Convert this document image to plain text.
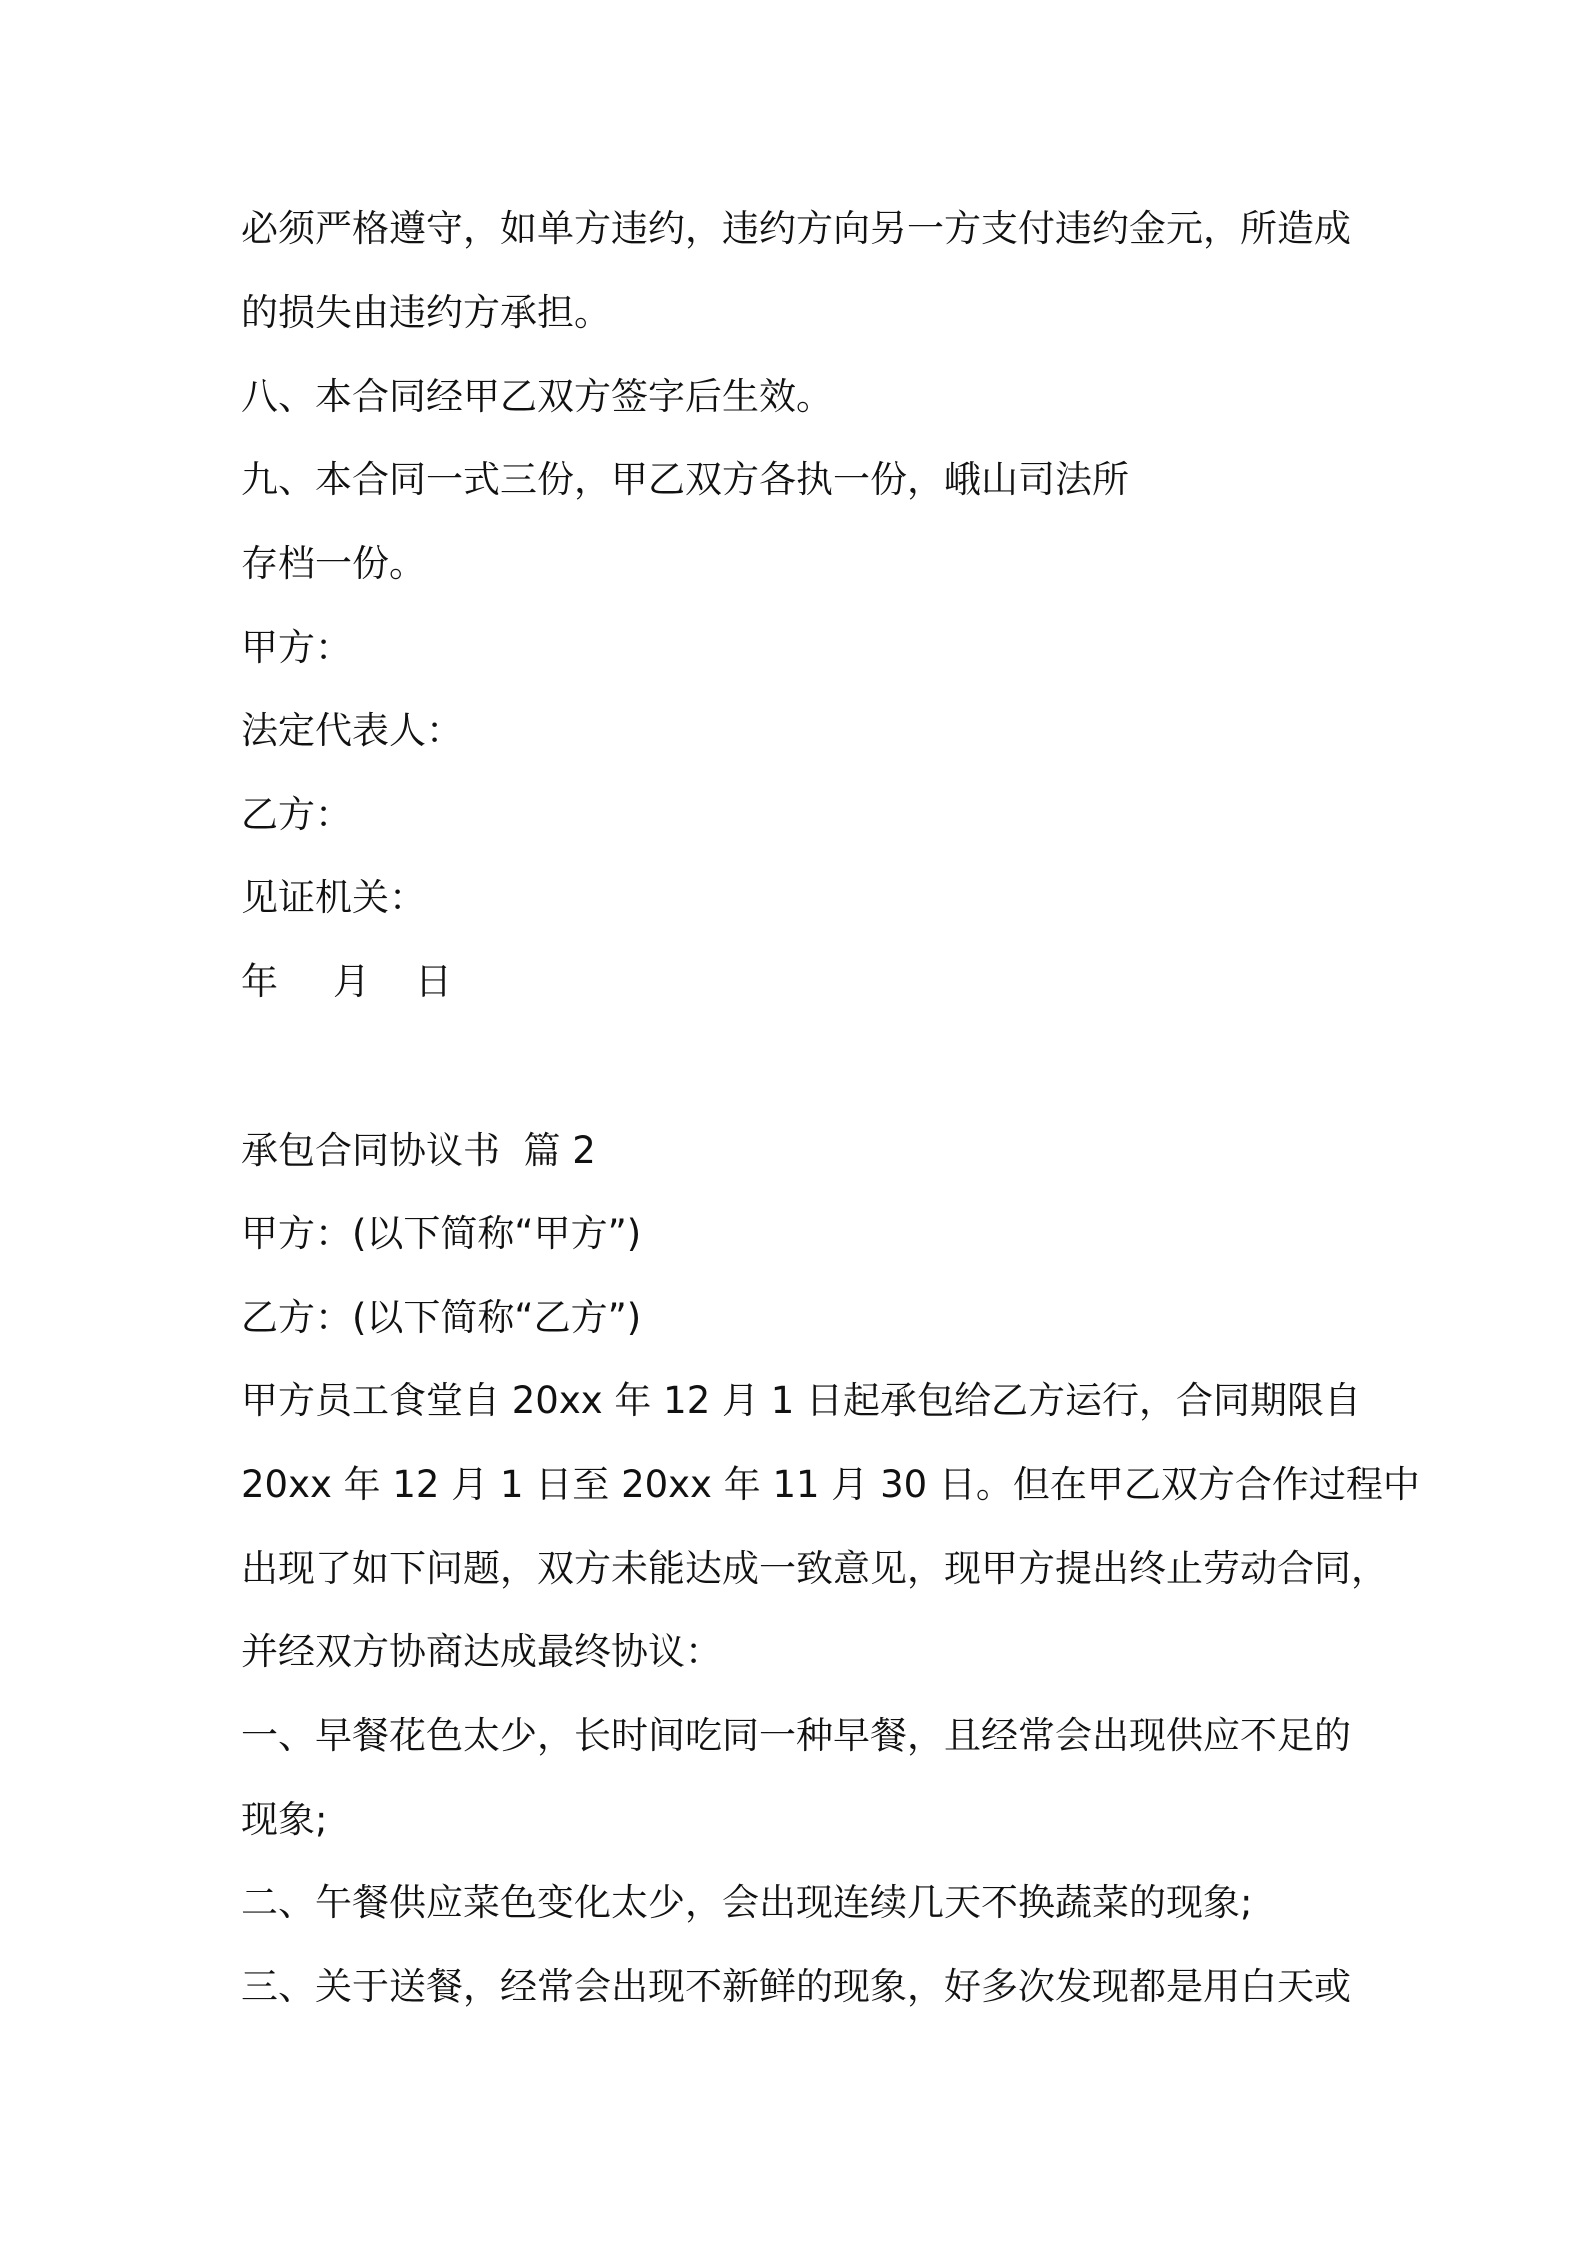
必须严格遵守，如单方违约，违约方向另一方支付违约金元，所造成
的损失由违约方承担。
八、本合同经甲乙双方签字后生效。
九、本合同一式三份，甲乙双方各执一份，峨山司法所
存档一份。
甲方：
法定代表人：
乙方：
见证机关：
年 月 日
承包合同协议书  篇 2
甲方：(以下简称“甲方”)
乙方：(以下简称“乙方”)
甲方员工食堂自 20xx 年 12 月 1 日起承包给乙方运行，合同期限自
20xx 年 12 月 1 日至 20xx 年 11 月 30 日。但在甲乙双方合作过程中
出现了如下问题，双方未能达成一致意见，现甲方提出终止劳动合同，
并经双方协商达成最终协议：
一、早餐花色太少，长时间吃同一种早餐，且经常会出现供应不足的
现象;
二、午餐供应菜色变化太少，会出现连续几天不换蔬菜的现象;
三、关于送餐，经常会出现不新鲜的现象，好多次发现都是用白天或
